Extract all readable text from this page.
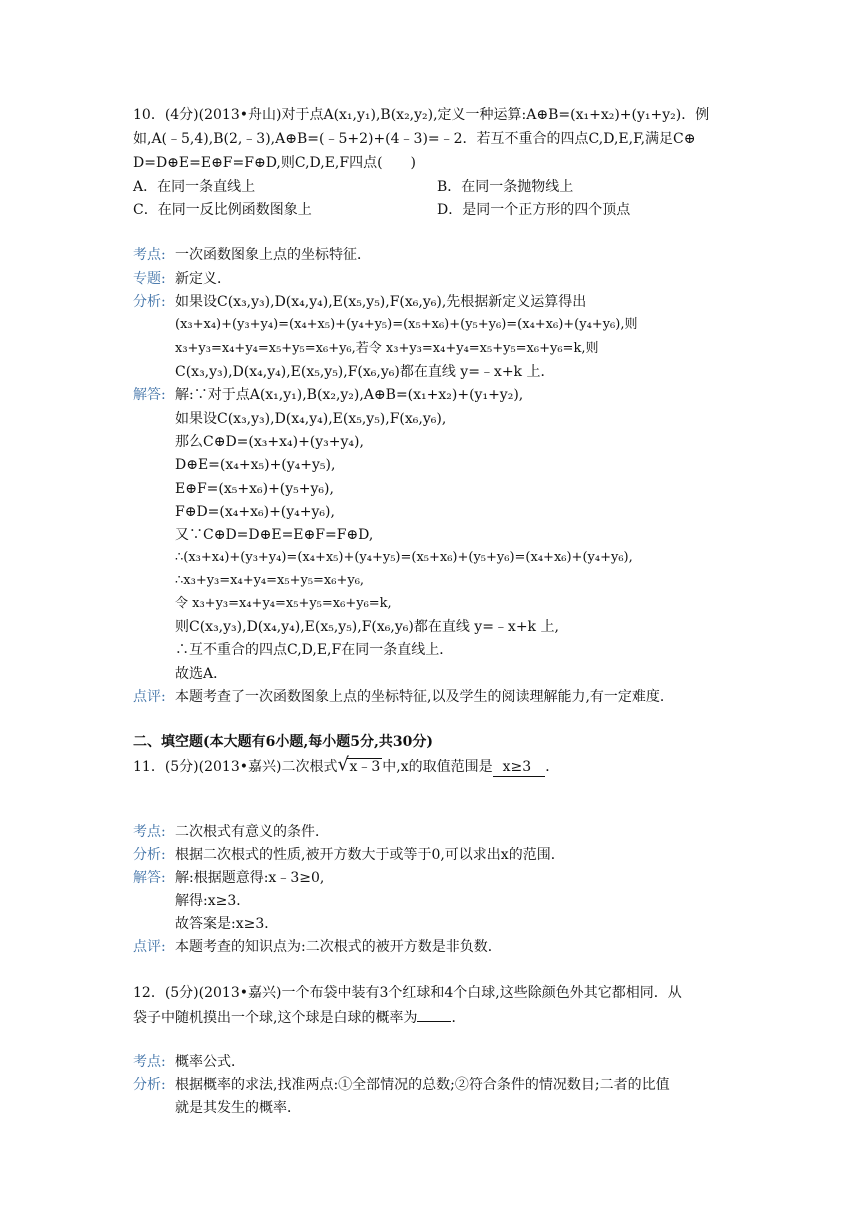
10．(4分)(2013•舟山)对于点A(x₁,y₁),B(x₂,y₂),定义一种运算:A⊕B=(x₁+x₂)+(y₁+y₂)．例
如,A(﹣5,4),B(2,﹣3),A⊕B=(﹣5+2)+(4﹣3)=﹣2．若互不重合的四点C,D,E,F,满足C⊕
D=D⊕E=E⊕F=F⊕D,则C,D,E,F四点(　　)
A．在同一条直线上	B．在同一条抛物线上
C．在同一反比例函数图象上	D．是同一个正方形的四个顶点
考点: 一次函数图象上点的坐标特征．
专题: 新定义．
分析: 如果设C(x₃,y₃),D(x₄,y₄),E(x₅,y₅),F(x₆,y₆),先根据新定义运算得出
(x₃+x₄)+(y₃+y₄)=(x₄+x₅)+(y₄+y₅)=(x₅+x₆)+(y₅+y₆)=(x₄+x₆)+(y₄+y₆),则
x₃+y₃=x₄+y₄=x₅+y₅=x₆+y₆,若令 x₃+y₃=x₄+y₄=x₅+y₅=x₆+y₆=k,则
C(x₃,y₃),D(x₄,y₄),E(x₅,y₅),F(x₆,y₆)都在直线 y=﹣x+k 上．
解答: 解:∵对于点A(x₁,y₁),B(x₂,y₂),A⊕B=(x₁+x₂)+(y₁+y₂),
如果设C(x₃,y₃),D(x₄,y₄),E(x₅,y₅),F(x₆,y₆),
那么C⊕D=(x₃+x₄)+(y₃+y₄),
D⊕E=(x₄+x₅)+(y₄+y₅),
E⊕F=(x₅+x₆)+(y₅+y₆),
F⊕D=(x₄+x₆)+(y₄+y₆),
又∵C⊕D=D⊕E=E⊕F=F⊕D,
∴(x₃+x₄)+(y₃+y₄)=(x₄+x₅)+(y₄+y₅)=(x₅+x₆)+(y₅+y₆)=(x₄+x₆)+(y₄+y₆),
∴x₃+y₃=x₄+y₄=x₅+y₅=x₆+y₆,
令 x₃+y₃=x₄+y₄=x₅+y₅=x₆+y₆=k,
则C(x₃,y₃),D(x₄,y₄),E(x₅,y₅),F(x₆,y₆)都在直线 y=﹣x+k 上,
∴互不重合的四点C,D,E,F在同一条直线上．
故选A．
点评: 本题考查了一次函数图象上点的坐标特征,以及学生的阅读理解能力,有一定难度．
二、填空题(本大题有6小题,每小题5分,共30分)
11．(5分)(2013•嘉兴)二次根式 √ x﹣3 中,x的取值范围是 x≥3 ．
考点: 二次根式有意义的条件．
分析: 根据二次根式的性质,被开方数大于或等于0,可以求出x的范围．
解答: 解:根据题意得:x﹣3≥0,
解得:x≥3．
故答案是:x≥3．
点评: 本题考查的知识点为:二次根式的被开方数是非负数．
12．(5分)(2013•嘉兴)一个布袋中装有3个红球和4个白球,这些除颜色外其它都相同．从
袋子中随机摸出一个球,这个球是白球的概率为 ．
考点: 概率公式．
分析: 根据概率的求法,找准两点:①全部情况的总数;②符合条件的情况数目;二者的比值
就是其发生的概率．
